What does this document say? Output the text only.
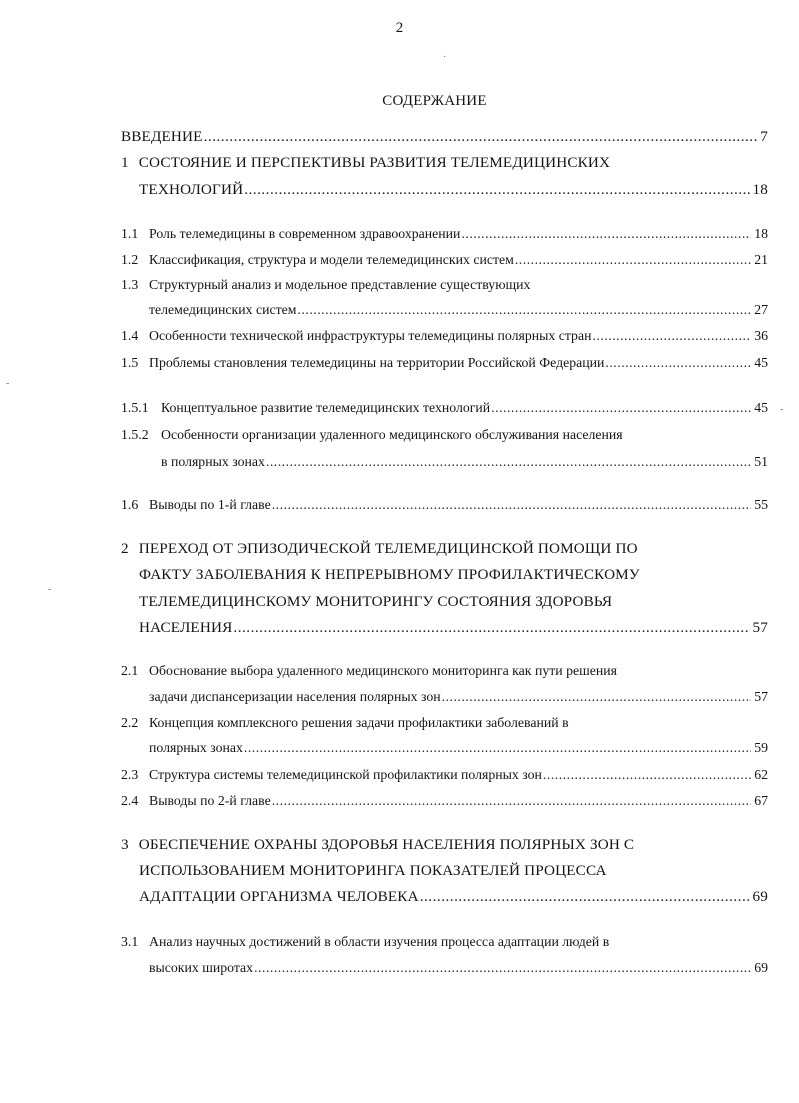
2
СОДЕРЖАНИЕ
ВВЕДЕНИЕ .....	7
1 СОСТОЯНИЕ И ПЕРСПЕКТИВЫ РАЗВИТИЯ ТЕЛЕМЕДИЦИНСКИХ
ТЕХНОЛОГИЙ .....	18
1.1 Роль телемедицины в современном здравоохранении .....	18
1.2 Классификация, структура и модели телемедицинских систем .....	21
1.3 Структурный анализ и модельное представление существующих
телемедицинских систем .....	27
1.4 Особенности технической инфраструктуры телемедицины полярных стран .....	36
1.5 Проблемы становления телемедицины на территории Российской Федерации .....	45
1.5.1 Концептуальное развитие телемедицинских технологий .....	45
1.5.2 Особенности организации удаленного медицинского обслуживания населения
в полярных зонах .....	51
1.6 Выводы по 1-й главе .....	55
2 ПЕРЕХОД ОТ ЭПИЗОДИЧЕСКОЙ ТЕЛЕМЕДИЦИНСКОЙ ПОМОЩИ ПО
ФАКТУ ЗАБОЛЕВАНИЯ К НЕПРЕРЫВНОМУ ПРОФИЛАКТИЧЕСКОМУ
ТЕЛЕМЕДИЦИНСКОМУ МОНИТОРИНГУ СОСТОЯНИЯ ЗДОРОВЬЯ
НАСЕЛЕНИЯ .....	57
2.1 Обоснование выбора удаленного медицинского мониторинга как пути решения
задачи диспансеризации населения полярных зон .....	57
2.2 Концепция комплексного решения задачи профилактики заболеваний в
полярных зонах .....	59
2.3 Структура системы телемедицинской профилактики полярных зон .....	62
2.4 Выводы по 2-й главе .....	67
3 ОБЕСПЕЧЕНИЕ ОХРАНЫ ЗДОРОВЬЯ НАСЕЛЕНИЯ ПОЛЯРНЫХ ЗОН С
ИСПОЛЬЗОВАНИЕМ МОНИТОРИНГА ПОКАЗАТЕЛЕЙ ПРОЦЕССА
АДАПТАЦИИ ОРГАНИЗМА ЧЕЛОВЕКА .....	69
3.1 Анализ научных достижений в области изучения процесса адаптации людей в
высоких широтах .....	69
·
-
-
-
